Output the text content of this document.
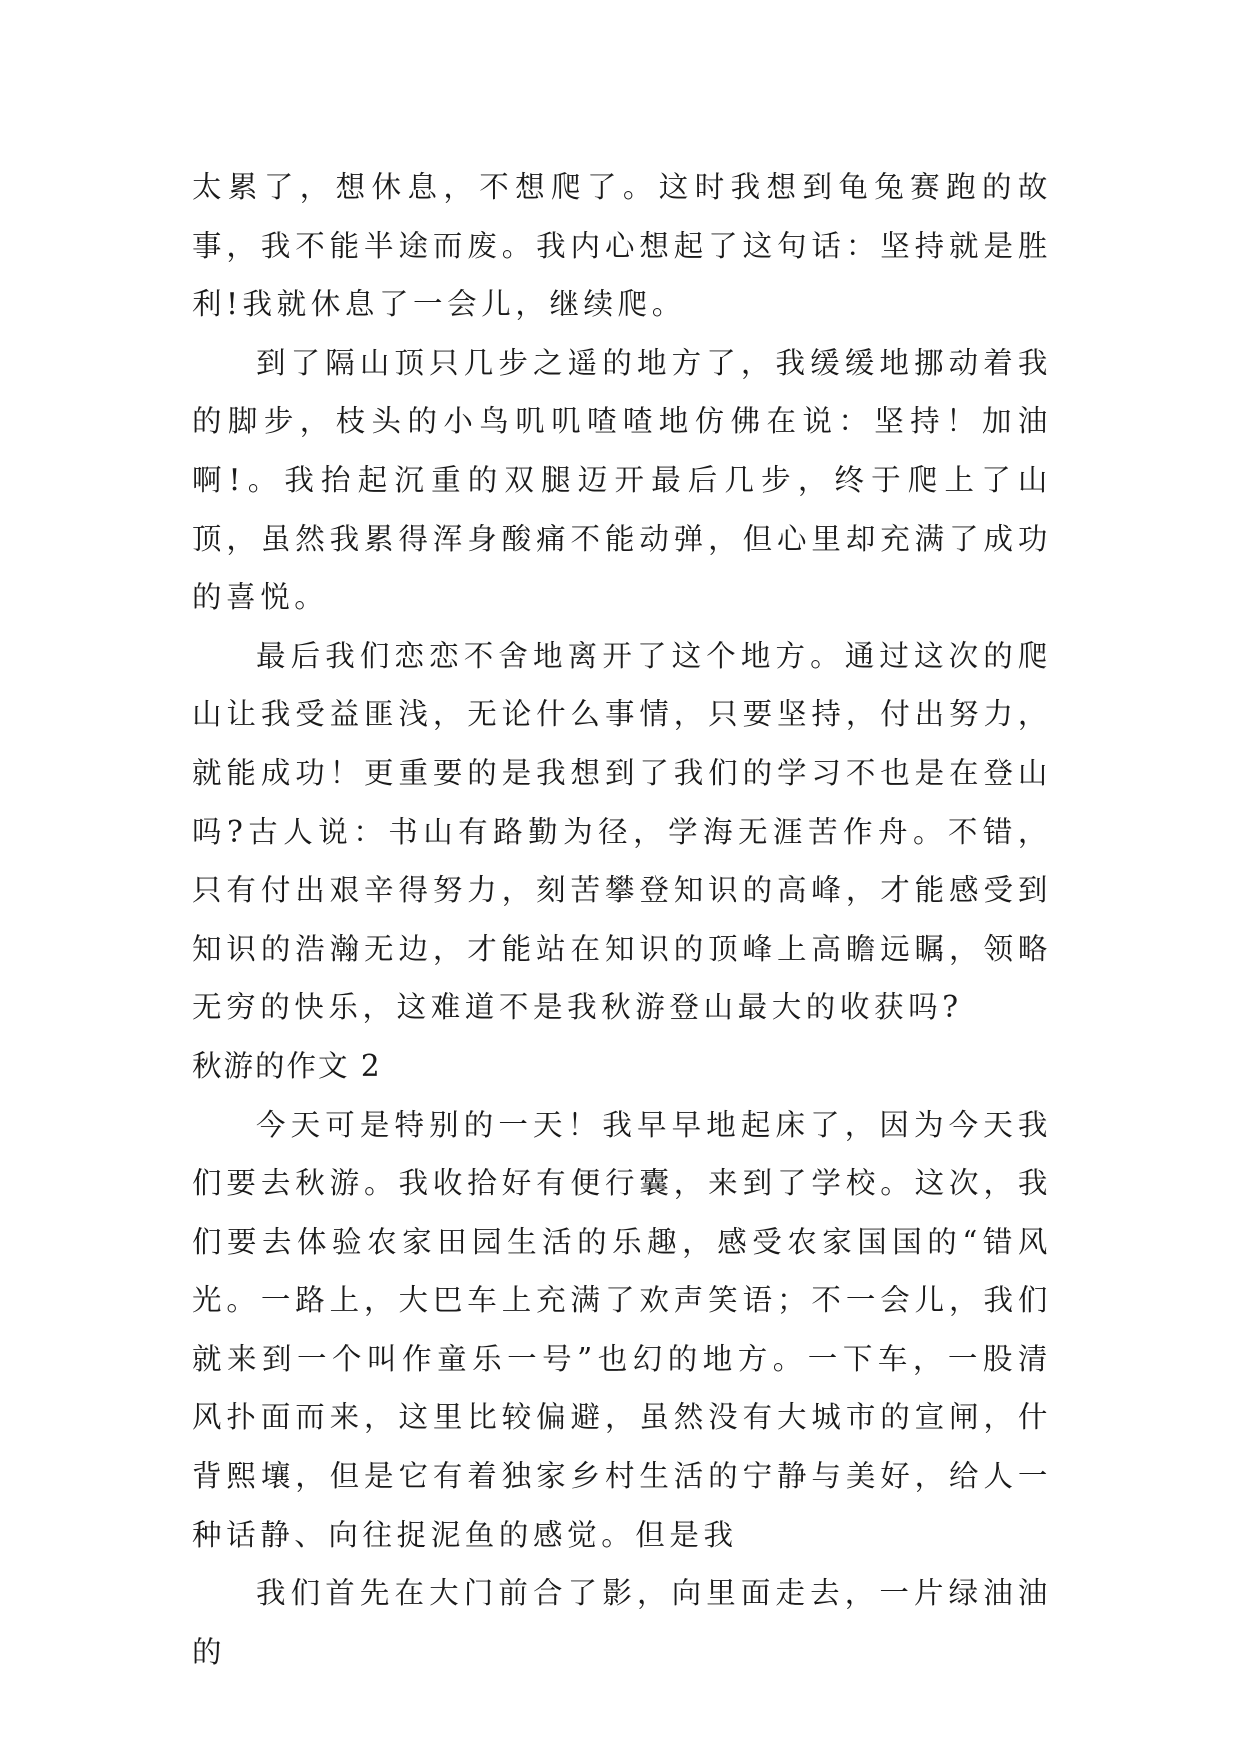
太累了，想休息，不想爬了。这时我想到龟兔赛跑的故事，我不能半途而废。我内心想起了这句话：坚持就是胜利!我就休息了一会儿，继续爬。

到了隔山顶只几步之遥的地方了，我缓缓地挪动着我的脚步，枝头的小鸟叽叽喳喳地仿佛在说：坚持！加油啊!。我抬起沉重的双腿迈开最后几步，终于爬上了山顶，虽然我累得浑身酸痛不能动弹，但心里却充满了成功的喜悦。

最后我们恋恋不舍地离开了这个地方。通过这次的爬山让我受益匪浅，无论什么事情，只要坚持，付出努力，就能成功！更重要的是我想到了我们的学习不也是在登山吗?古人说：书山有路勤为径，学海无涯苦作舟。不错，只有付出艰辛得努力，刻苦攀登知识的高峰，才能感受到知识的浩瀚无边，才能站在知识的顶峰上高瞻远瞩，领略无穷的快乐，这难道不是我秋游登山最大的收获吗?

秋游的作文 2

今天可是特别的一天！我早早地起床了，因为今天我们要去秋游。我收拾好有便行囊，来到了学校。这次，我们要去体验农家田园生活的乐趣，感受农家国国的“错风光。一路上，大巴车上充满了欢声笑语；不一会儿，我们就来到一个叫作童乐一号”也幻的地方。一下车，一股清风扑面而来，这里比较偏避，虽然没有大城市的宣闸，什背熙壤，但是它有着独家乡村生活的宁静与美好，给人一种话静、向往捉泥鱼的感觉。但是我

我们首先在大门前合了影，向里面走去，一片绿油油的
